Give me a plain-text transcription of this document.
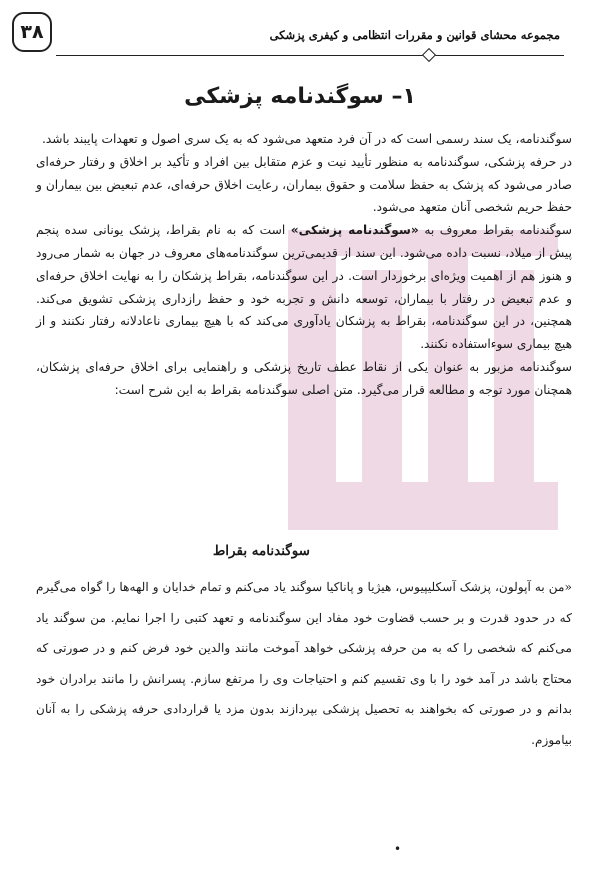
۳۸	مجموعه محشای قوانین و مقررات انتظامی و کیفری پزشکی
۱– سوگندنامه پزشکی

سوگندنامه، یک سند رسمی است که در آن فرد متعهد می‌شود که به یک سری اصول و تعهدات پایبند باشد.

در حرفه پزشکی، سوگندنامه به منظور تأیید نیت و عزم متقابل بین افراد و تأکید بر اخلاق و رفتار حرفه‌ای صادر می‌شود که پزشک به حفظ سلامت و حقوق بیماران، رعایت اخلاق حرفه‌ای، عدم تبعیض بین بیماران و حفظ حریم شخصی آنان متعهد می‌شود.

سوگندنامه بقراط معروف به «سوگندنامه پزشکی» است که به نام بقراط، پزشک یونانی سده پنجم پیش از میلاد، نسبت داده می‌شود. این سند از قدیمی‌ترین سوگندنامه‌های معروف در جهان به شمار می‌رود و هنوز هم از اهمیت ویژه‌ای برخوردار است. در این سوگندنامه، بقراط پزشکان را به نهایت اخلاق حرفه‌ای و عدم تبعیض در رفتار با بیماران، توسعه دانش و تجربه خود و حفظ رازداری پزشکی تشویق می‌کند. همچنین، در این سوگندنامه، بقراط به پزشکان یادآوری می‌کند که با هیچ بیماری ناعادلانه رفتار نکنند و از هیچ بیماری سوءاستفاده نکنند.

سوگندنامه مزبور به عنوان یکی از نقاط عطف تاریخ پزشکی و راهنمایی برای اخلاق حرفه‌ای پزشکان، همچنان مورد توجه و مطالعه قرار می‌گیرد. متن اصلی سوگندنامه بقراط به این شرح است:

سوگندنامه بقراط

«من به آپولون، پزشک آسکلیپیوس، هیژیا و پاناکیا سوگند یاد می‌کنم و تمام خدایان و الهه‌ها را گواه می‌گیرم که در حدود قدرت و بر حسب قضاوت خود مفاد این سوگندنامه و تعهد کتبی را اجرا نمایم. من سوگند یاد می‌کنم که شخصی را که به من حرفه پزشکی خواهد آموخت مانند والدین خود فرض کنم و در صورتی که محتاج باشد در آمد خود را با وی تقسیم کنم و احتیاجات وی را مرتفع سازم. پسرانش را مانند برادران خود بدانم و در صورتی که بخواهند به تحصیل پزشکی بپردازند بدون مزد یا قراردادی حرفه پزشکی را به آنان بیاموزم.

•
